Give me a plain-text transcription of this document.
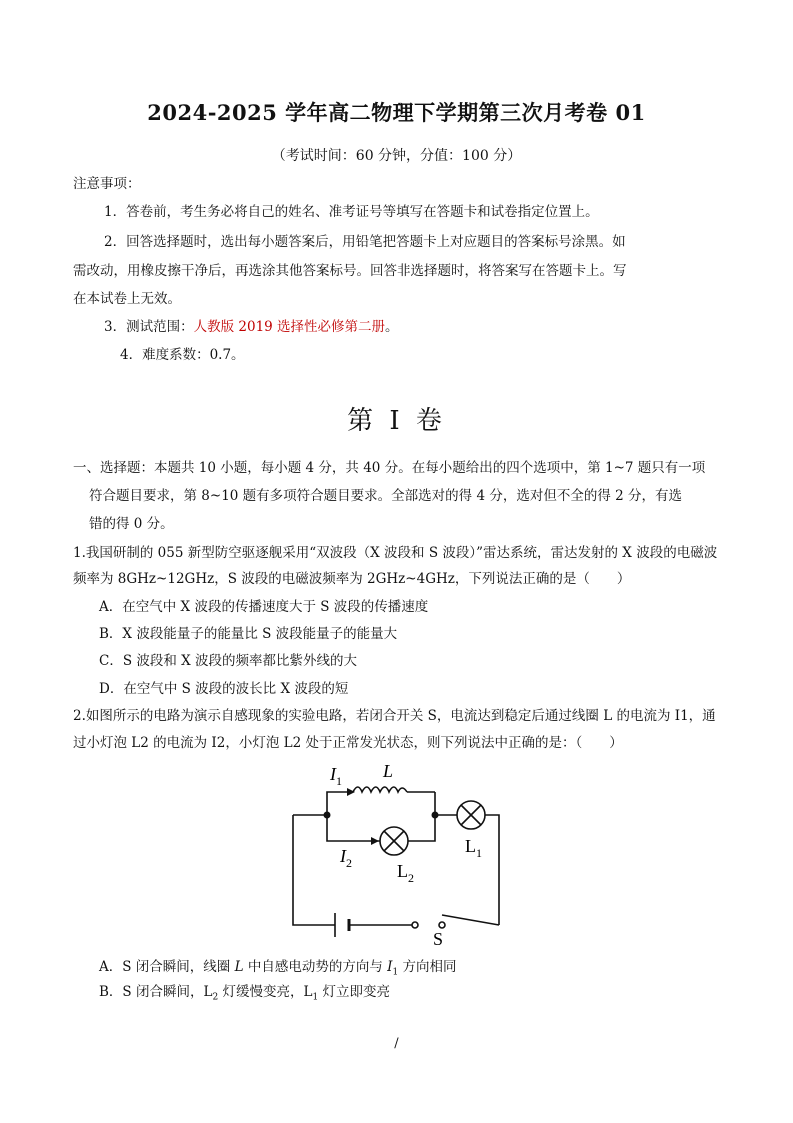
2024-2025 学年高二物理下学期第三次月考卷 01
（考试时间：60 分钟，分值：100 分）
注意事项：
1．答卷前，考生务必将自己的姓名、准考证号等填写在答题卡和试卷指定位置上。
2．回答选择题时，选出每小题答案后，用铅笔把答题卡上对应题目的答案标号涂黑。如
需改动，用橡皮擦干净后，再选涂其他答案标号。回答非选择题时，将答案写在答题卡上。写
在本试卷上无效。
3．测试范围：人教版 2019 选择性必修第二册。
4．难度系数：0.7。
第 I 卷
一、选择题：本题共 10 小题，每小题 4 分，共 40 分。在每小题给出的四个选项中，第 1~7 题只有一项
符合题目要求，第 8~10 题有多项符合题目要求。全部选对的得 4 分，选对但不全的得 2 分，有选
错的得 0 分。
1.我国研制的 055 新型防空驱逐舰采用“双波段（X 波段和 S 波段）”雷达系统，雷达发射的 X 波段的电磁波
频率为 8GHz~12GHz，S 波段的电磁波频率为 2GHz~4GHz，下列说法正确的是（　　）
A．在空气中 X 波段的传播速度大于 S 波段的传播速度
B．X 波段能量子的能量比 S 波段能量子的能量大
C．S 波段和 X 波段的频率都比紫外线的大
D．在空气中 S 波段的波长比 X 波段的短
2.如图所示的电路为演示自感现象的实验电路，若闭合开关 S，电流达到稳定后通过线圈 L 的电流为 I1，通
过小灯泡 L2 的电流为 I2，小灯泡 L2 处于正常发光状态，则下列说法中正确的是：（　　）
$I_1$ L
$I_2$	$L_2$
$L_1$
S
A．S 闭合瞬间，线圈 L 中自感电动势的方向与 $I_1$ 方向相同
B．S 闭合瞬间，$L_2$ 灯缓慢变亮，$L_1$ 灯立即变亮
/
